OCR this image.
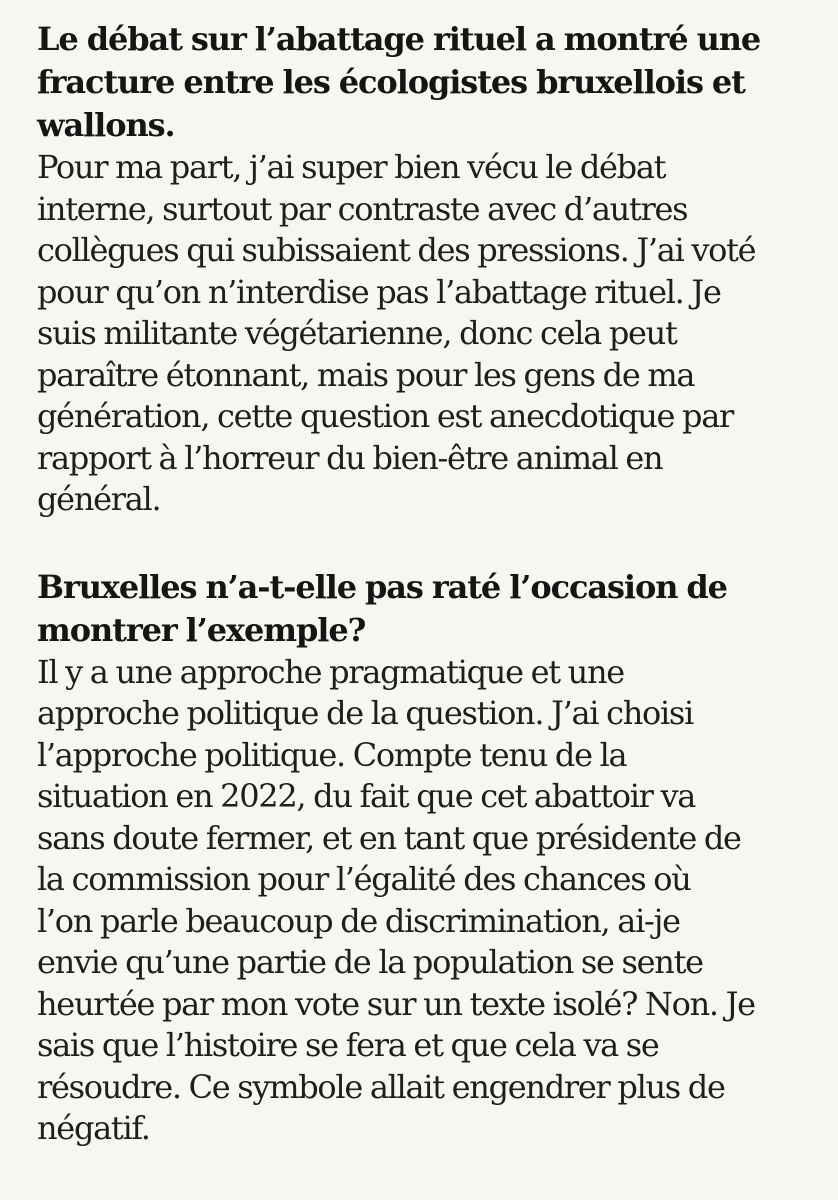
Le débat sur l’abattage rituel a montré une
fracture entre les écologistes bruxellois et
wallons.

Pour ma part, j’ai super bien vécu le débat
interne, surtout par contraste avec d’autres
collègues qui subissaient des pressions. J’ai voté
pour qu’on n’interdise pas l’abattage rituel. Je
suis militante végétarienne, donc cela peut
paraître étonnant, mais pour les gens de ma
génération, cette question est anecdotique par
rapport à l’horreur du bien-être animal en
général.

Bruxelles n’a-t-elle pas raté l’occasion de
montrer l’exemple?

Il y a une approche pragmatique et une
approche politique de la question. J’ai choisi
l’approche politique. Compte tenu de la
situation en 2022, du fait que cet abattoir va
sans doute fermer, et en tant que présidente de
la commission pour l’égalité des chances où
l’on parle beaucoup de discrimination, ai-je
envie qu’une partie de la population se sente
heurtée par mon vote sur un texte isolé? Non. Je
sais que l’histoire se fera et que cela va se
résoudre. Ce symbole allait engendrer plus de
négatif.
